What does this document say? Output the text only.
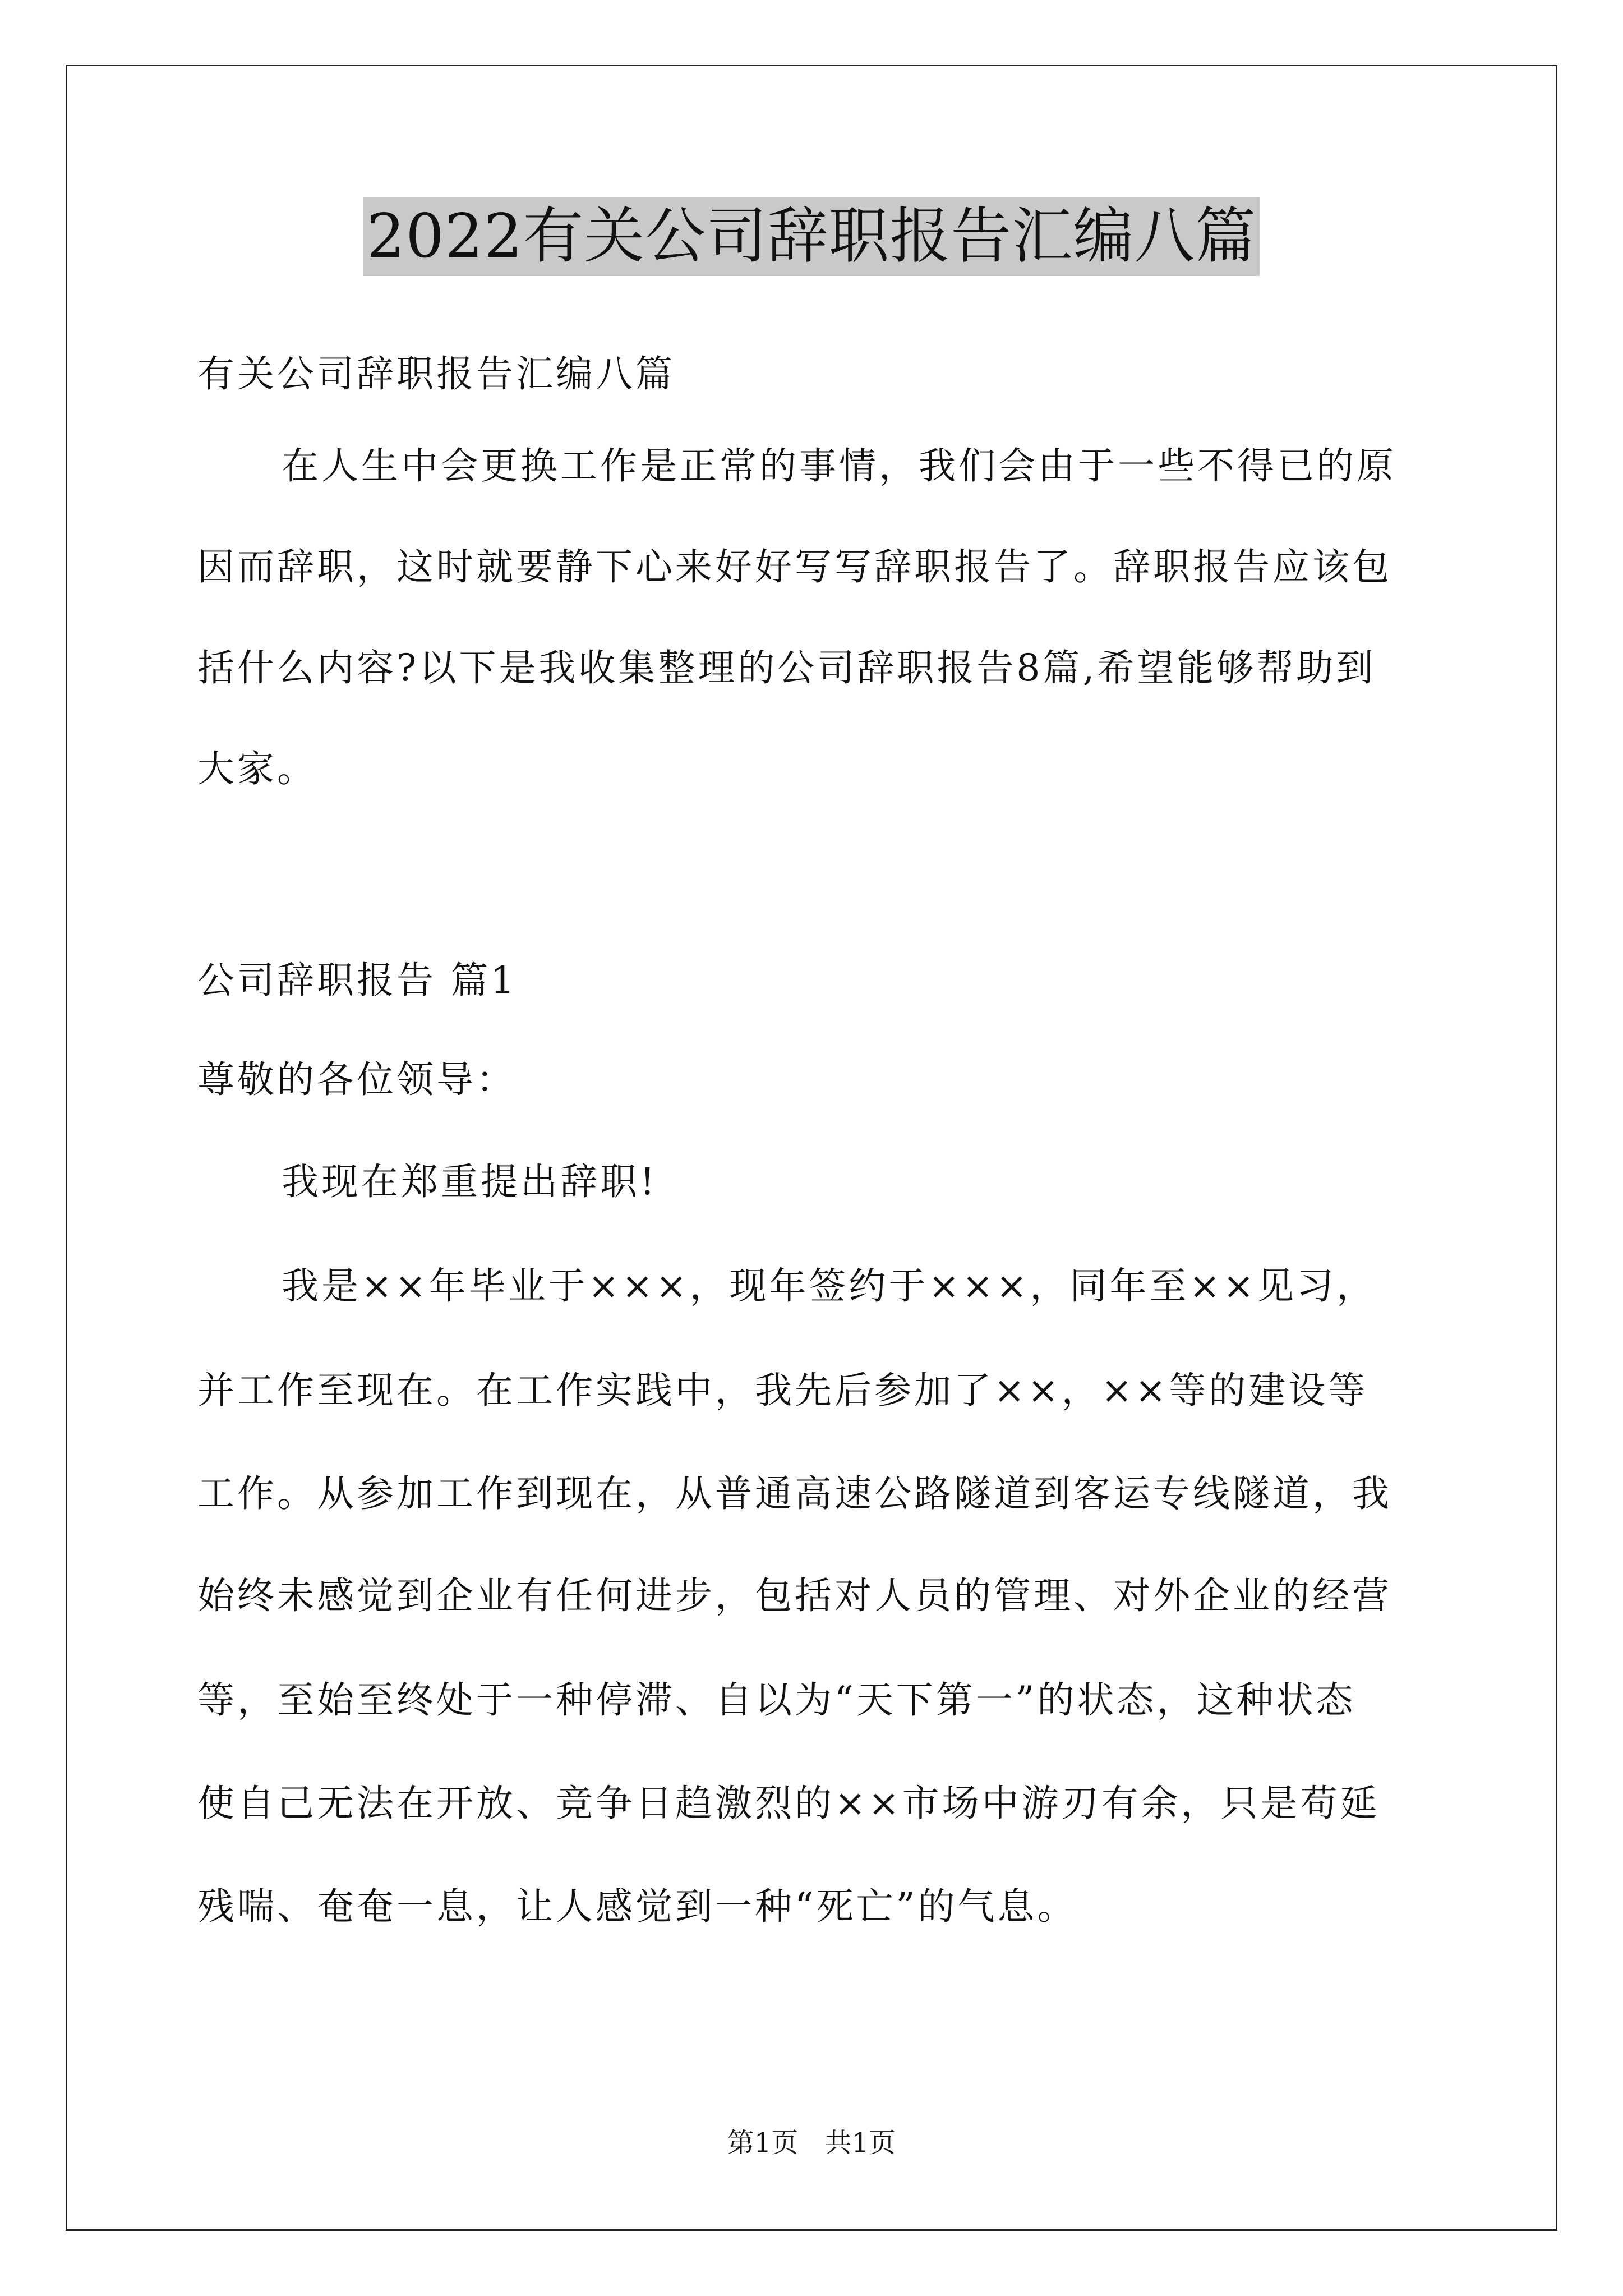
2022有关公司辞职报告汇编八篇
有关公司辞职报告汇编八篇
在人生中会更换工作是正常的事情，我们会由于一些不得已的原
因而辞职，这时就要静下心来好好写写辞职报告了。辞职报告应该包
括什么内容?以下是我收集整理的公司辞职报告8篇,希望能够帮助到
大家。
公司辞职报告 篇1
尊敬的各位领导：
我现在郑重提出辞职!
我是××年毕业于×××，现年签约于×××，同年至××见习，
并工作至现在。在工作实践中，我先后参加了××，××等的建设等
工作。从参加工作到现在，从普通高速公路隧道到客运专线隧道，我
始终未感觉到企业有任何进步，包括对人员的管理、对外企业的经营
等，至始至终处于一种停滞、自以为“天下第一”的状态，这种状态
使自己无法在开放、竞争日趋激烈的××市场中游刃有余，只是苟延
残喘、奄奄一息，让人感觉到一种“死亡”的气息。
第1页 共1页
